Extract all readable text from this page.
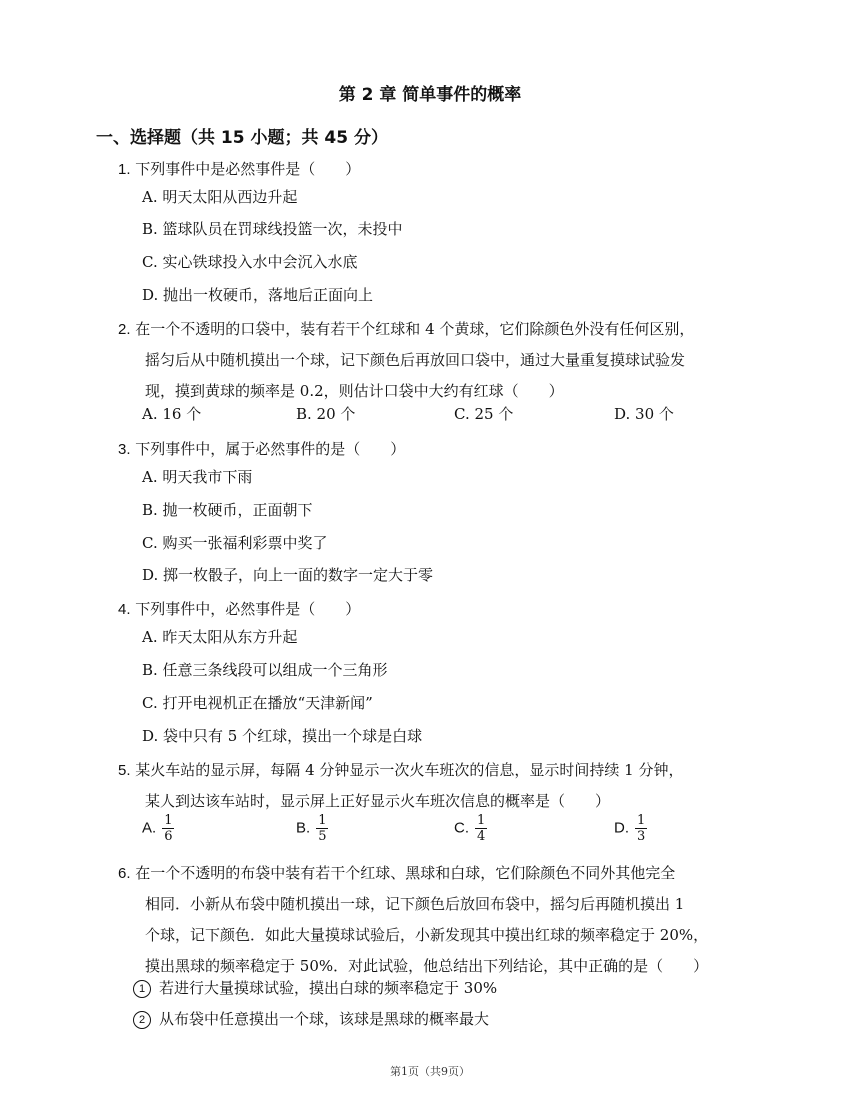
第 2 章 简单事件的概率
一、选择题（共 15 小题；共 45 分）
1. 下列事件中是必然事件是（　　）
A. 明天太阳从西边升起
B. 篮球队员在罚球线投篮一次，未投中
C. 实心铁球投入水中会沉入水底
D. 抛出一枚硬币，落地后正面向上
2. 在一个不透明的口袋中，装有若干个红球和 4 个黄球，它们除颜色外没有任何区别，
摇匀后从中随机摸出一个球，记下颜色后再放回口袋中，通过大量重复摸球试验发
现，摸到黄球的频率是 0.2，则估计口袋中大约有红球（　　）
A. 16 个	B. 20 个	C. 25 个	D. 30 个
3. 下列事件中，属于必然事件的是（　　）
A. 明天我市下雨
B. 抛一枚硬币，正面朝下
C. 购买一张福利彩票中奖了
D. 掷一枚骰子，向上一面的数字一定大于零
4. 下列事件中，必然事件是（　　）
A. 昨天太阳从东方升起
B. 任意三条线段可以组成一个三角形
C. 打开电视机正在播放“天津新闻”
D. 袋中只有 5 个红球，摸出一个球是白球
5. 某火车站的显示屏，每隔 4 分钟显示一次火车班次的信息，显示时间持续 1 分钟，
某人到达该车站时，显示屏上正好显示火车班次信息的概率是（　　）
A. $\frac{1}{6}$	B. $\frac{1}{5}$	C. $\frac{1}{4}$	D. $\frac{1}{3}$
6. 在一个不透明的布袋中装有若干个红球、黑球和白球，它们除颜色不同外其他完全
相同．小新从布袋中随机摸出一球，记下颜色后放回布袋中，摇匀后再随机摸出 1
个球，记下颜色．如此大量摸球试验后，小新发现其中摸出红球的频率稳定于 20%，
摸出黑球的频率稳定于 50%．对此试验，他总结出下列结论，其中正确的是（　　）
1 若进行大量摸球试验，摸出白球的频率稳定于 30%
2 从布袋中任意摸出一个球，该球是黑球的概率最大
第1页（共9页）
